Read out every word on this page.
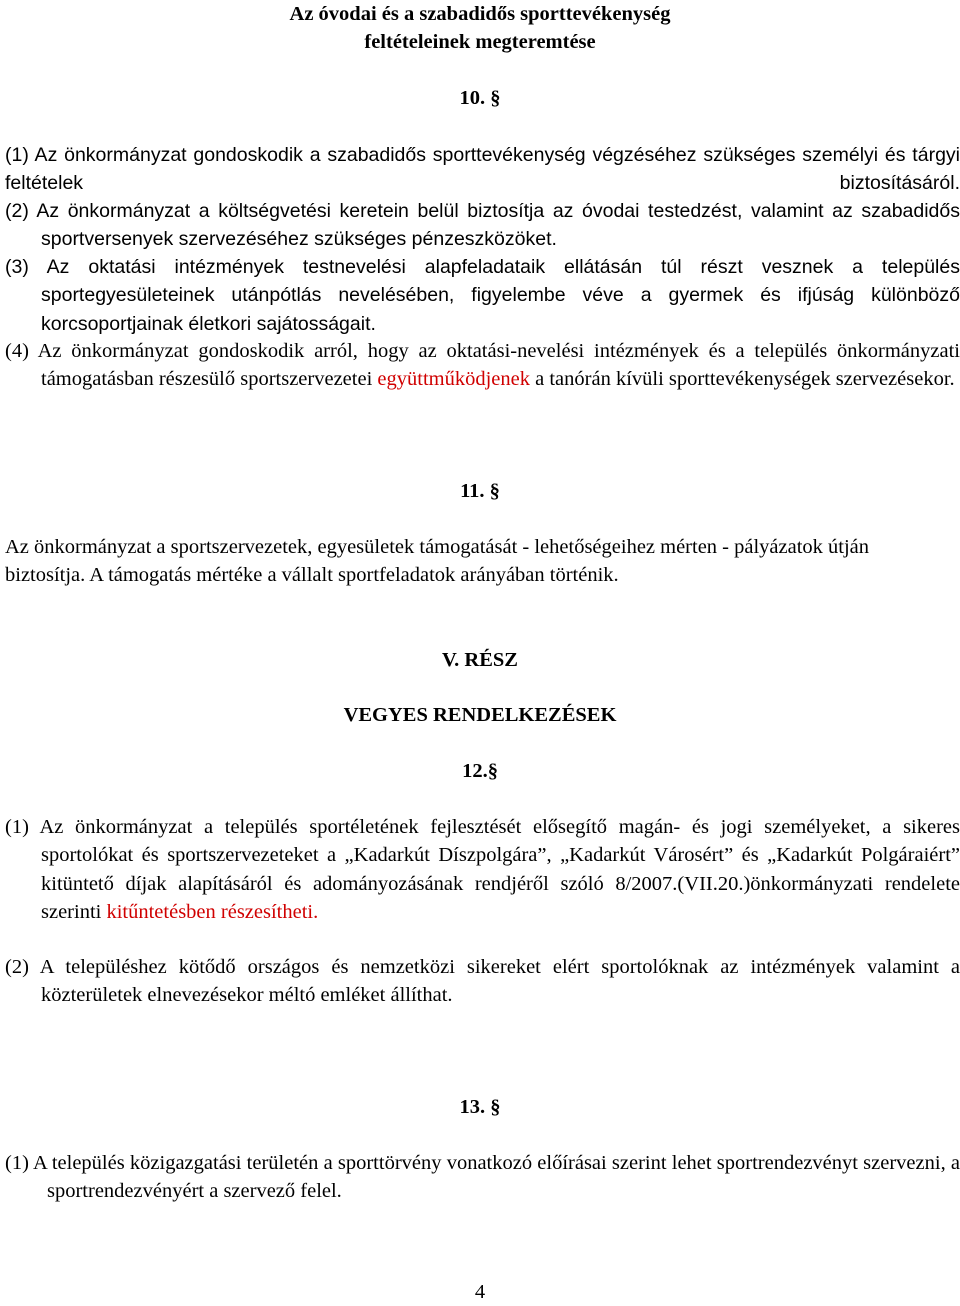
Az óvodai és a szabadidős sporttevékenység
feltételeinek megteremtése
10. §

(1) Az önkormányzat gondoskodik a szabadidős sporttevékenység végzéséhez szükséges személyi és tárgyi feltételek biztosításáról.

(2) Az önkormányzat a költségvetési keretein belül biztosítja az óvodai testedzést, valamint az szabadidős sportversenyek szervezéséhez szükséges pénzeszközöket.

(3) Az oktatási intézmények testnevelési alapfeladataik ellátásán túl részt vesznek a település sportegyesületeinek utánpótlás nevelésében, figyelembe véve a gyermek és ifjúság különböző korcsoportjainak életkori sajátosságait.

(4) Az önkormányzat gondoskodik arról, hogy az oktatási-nevelési intézmények és a település önkormányzati támogatásban részesülő sportszervezetei együttműködjenek a tanórán kívüli sporttevékenységek szervezésekor.

11. §

Az önkormányzat a sportszervezetek, egyesületek támogatását - lehetőségeihez mérten - pályázatok útján biztosítja. A támogatás mértéke a vállalt sportfeladatok arányában történik.

V. RÉSZ
VEGYES RENDELKEZÉSEK
12.§

(1) Az önkormányzat a település sportéletének fejlesztését elősegítő magán- és jogi személyeket, a sikeres sportolókat és sportszervezeteket a „Kadarkút Díszpolgára”, „Kadarkút Városért” és „Kadarkút Polgáraiért” kitüntető díjak alapításáról és adományozásának rendjéről szóló 8/2007.(VII.20.)önkormányzati rendelete szerinti kitűntetésben részesítheti.

(2) A településhez kötődő országos és nemzetközi sikereket elért sportolóknak az intézmények valamint a közterületek elnevezésekor méltó emléket állíthat.

13. §

(1) A település közigazgatási területén a sporttörvény vonatkozó előírásai szerint lehet sportrendezvényt szervezni, a sportrendezvényért a szervező felel.

4
